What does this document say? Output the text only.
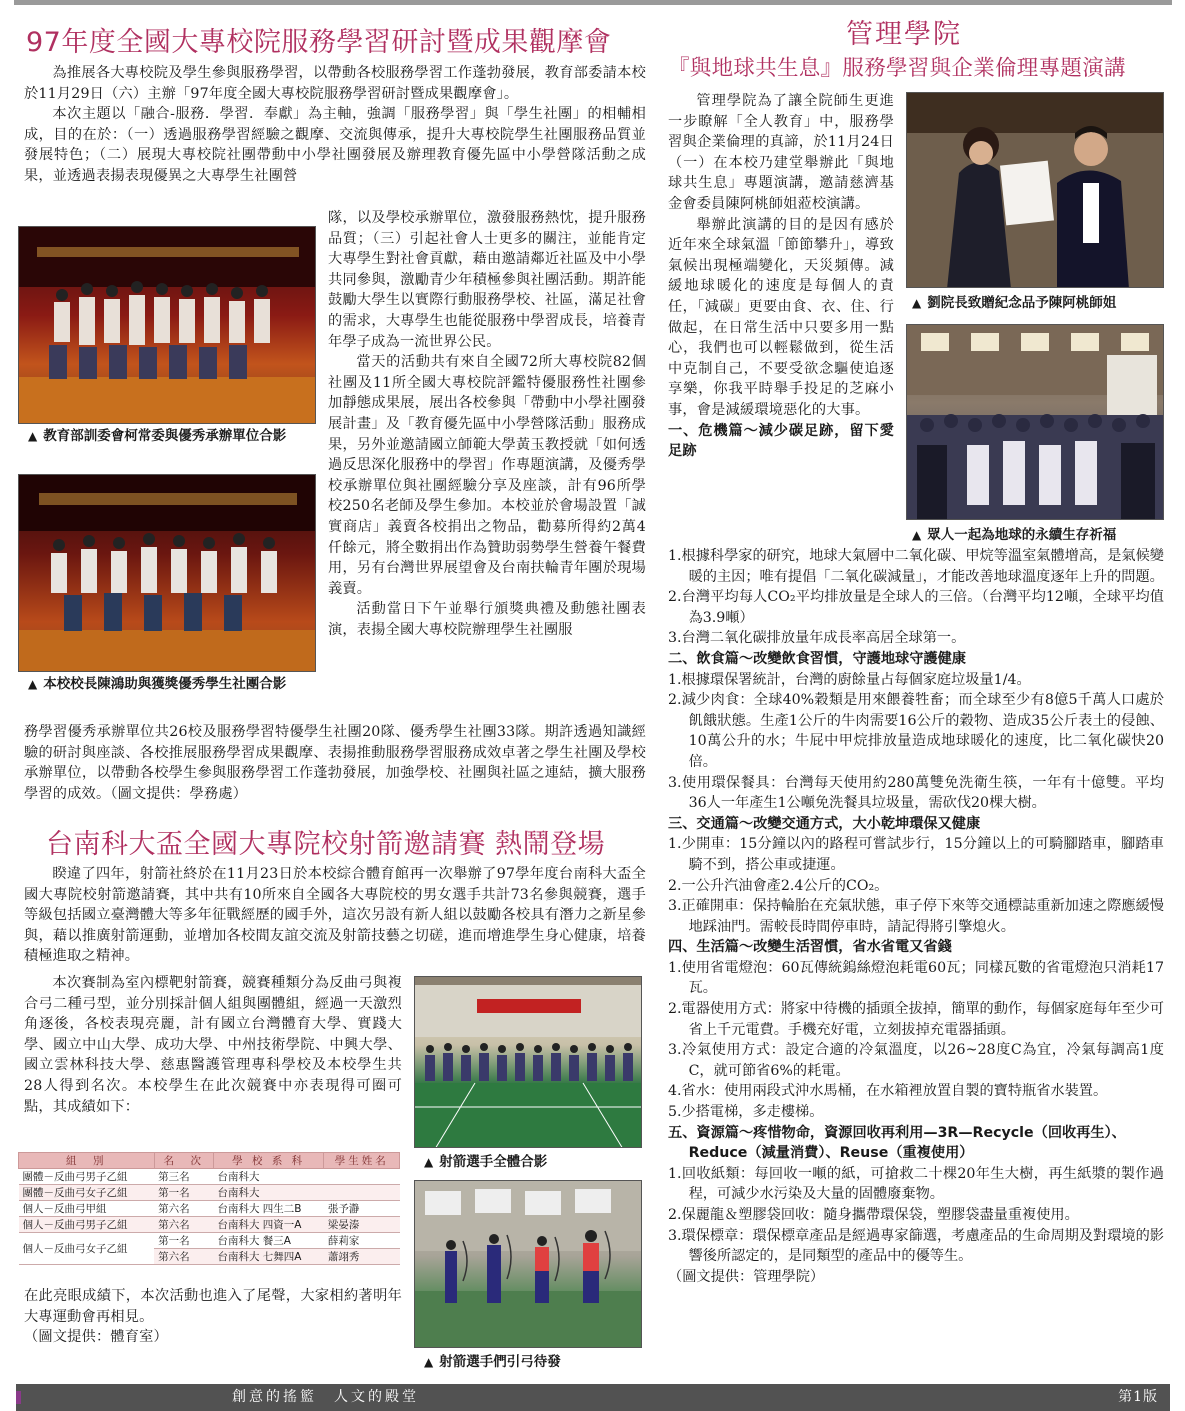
97年度全國大專校院服務學習研討暨成果觀摩會

為推展各大專校院及學生參與服務學習，以帶動各校服務學習工作蓬勃發展，教育部委請本校於11月29日（六）主辦「97年度全國大專校院服務學習研討暨成果觀摩會」。

本次主題以「融合-服務．學習．奉獻」為主軸，強調「服務學習」與「學生社團」的相輔相成，目的在於：（一）透過服務學習經驗之觀摩、交流與傳承，提升大專校院學生社團服務品質並發展特色；（二）展現大專校院社團帶動中小學社團發展及辦理教育優先區中小學營隊活動之成果，並透過表揚表現優異之大專學生社團營

▲ 教育部訓委會柯常委與優秀承辦單位合影
▲ 本校校長陳鴻助與獲獎優秀學生社團合影

隊，以及學校承辦單位，激發服務熱忱，提升服務品質；（三）引起社會人士更多的關注，並能肯定大專學生對社會貢獻，藉由邀請鄰近社區及中小學共同參與，激勵青少年積極參與社團活動。期許能鼓勵大學生以實際行動服務學校、社區，滿足社會的需求，大專學生也能從服務中學習成長，培養青年學子成為一流世界公民。

當天的活動共有來自全國72所大專校院82個社團及11所全國大專校院評鑑特優服務性社團參加靜態成果展，展出各校參與「帶動中小學社團發展計畫」及「教育優先區中小學營隊活動」服務成果，另外並邀請國立師範大學黃玉教授就「如何透過反思深化服務中的學習」作專題演講，及優秀學校承辦單位與社團經驗分享及座談，計有96所學校250名老師及學生參加。本校並於會場設置「誠實商店」義賣各校捐出之物品，勸募所得約2萬4仟餘元，將全數捐出作為贊助弱勢學生營養午餐費用，另有台灣世界展望會及台南扶輪青年團於現場義賣。

活動當日下午並舉行頒獎典禮及動態社團表演，表揚全國大專校院辦理學生社團服

務學習優秀承辦單位共26校及服務學習特優學生社團20隊、優秀學生社團33隊。期許透過知識經驗的研討與座談、各校推展服務學習成果觀摩、表揚推動服務學習服務成效卓著之學生社團及學校承辦單位，以帶動各校學生參與服務學習工作蓬勃發展，加強學校、社團與社區之連結，擴大服務學習的成效。（圖文提供：學務處）

台南科大盃全國大專院校射箭邀請賽 熱鬧登場

睽違了四年，射箭社終於在11月23日於本校綜合體育館再一次舉辦了97學年度台南科大盃全國大專院校射箭邀請賽，其中共有10所來自全國各大專院校的男女選手共計73名參與競賽，選手等級包括國立臺灣體大等多年征戰經歷的國手外，這次另設有新人組以鼓勵各校具有潛力之新星參與，藉以推廣射箭運動，並增加各校間友誼交流及射箭技藝之切磋，進而增進學生身心健康，培養積極進取之精神。

本次賽制為室內標靶射箭賽，競賽種類分為反曲弓與複合弓二種弓型，並分別採計個人組與團體組，經過一天激烈角逐後，各校表現亮麗，計有國立台灣體育大學、實踐大學、國立中山大學、成功大學、中州技術學院、中興大學、國立雲林科技大學、慈惠醫護管理專科學校及本校學生共28人得到名次。本校學生在此次競賽中亦表現得可圈可點，其成績如下：

組　別	名　次	學 校 系 科	學生姓名
團體－反曲弓男子乙組	第三名	台南科大	
團體－反曲弓女子乙組	第一名	台南科大	
個人－反曲弓甲組	第六名	台南科大 四生二B	張予瀞
個人－反曲弓男子乙組	第六名	台南科大 四資一A	梁晏溱
個人－反曲弓女子乙組	第一名	台南科大 餐三A	薛莉家
	第六名	台南科大 七舞四A	蕭翊秀

在此亮眼成績下，本次活動也進入了尾聲，大家相約著明年大專運動會再相見。

（圖文提供：體育室）

▲ 射箭選手全體合影
▲ 射箭選手們引弓待發
管理學院
『與地球共生息』服務學習與企業倫理專題演講

管理學院為了讓全院師生更進一步瞭解「全人教育」中，服務學習與企業倫理的真諦，於11月24日（一）在本校乃建堂舉辦此「與地球共生息」專題演講，邀請慈濟基金會委員陳阿桃師姐蒞校演講。

舉辦此演講的目的是因有感於近年來全球氣溫「節節攀升」，導致氣候出現極端變化，天災頻傳。減緩地球暖化的速度是每個人的責任，「減碳」更要由食、衣、住、行做起，在日常生活中只要多用一點心，我們也可以輕鬆做到，從生活中克制自己，不要受欲念驅使追逐享樂，你我平時舉手投足的芝麻小事，會是減緩環境惡化的大事。

一、危機篇～減少碳足跡，留下愛足跡

▲ 劉院長致贈紀念品予陳阿桃師姐
▲ 眾人一起為地球的永續生存祈福

1.根據科學家的研究，地球大氣層中二氧化碳、甲烷等溫室氣體增高，是氣候變暖的主因；唯有提倡「二氧化碳減量」，才能改善地球溫度逐年上升的問題。

2.台灣平均每人CO₂平均排放量是全球人的三倍。（台灣平均12噸，全球平均值為3.9噸）

3.台灣二氧化碳排放量年成長率高居全球第一。

二、飲食篇～改變飲食習慣，守護地球守護健康

1.根據環保署統計，台灣的廚餘量占每個家庭垃圾量1/4。

2.減少肉食：全球40%穀類是用來餵養牲畜；而全球至少有8億5千萬人口處於飢餓狀態。生產1公斤的牛肉需要16公斤的穀物、造成35公斤表土的侵蝕、10萬公升的水；牛屁中甲烷排放量造成地球暖化的速度，比二氧化碳快20倍。

3.使用環保餐具：台灣每天使用約280萬雙免洗衛生筷，一年有十億雙。平均36人一年產生1公噸免洗餐具垃圾量，需砍伐20棵大樹。

三、交通篇～改變交通方式，大小乾坤環保又健康

1.少開車：15分鐘以內的路程可嘗試步行，15分鐘以上的可騎腳踏車，腳踏車騎不到，搭公車或捷運。

2.一公升汽油會產2.4公斤的CO₂。

3.正確開車：保持輪胎在充氣狀態，車子停下來等交通標誌重新加速之際應緩慢地踩油門。需較長時間停車時，請記得將引擎熄火。

四、生活篇～改變生活習慣，省水省電又省錢

1.使用省電燈泡：60瓦傳統鎢絲燈泡耗電60瓦；同樣瓦數的省電燈泡只消耗17瓦。

2.電器使用方式：將家中待機的插頭全拔掉，簡單的動作，每個家庭每年至少可省上千元電費。手機充好電，立刻拔掉充電器插頭。

3.冷氣使用方式：設定合適的冷氣溫度，以26~28度C為宜，冷氣每調高1度C，就可節省6%的耗電。

4.省水：使用兩段式沖水馬桶，在水箱裡放置自製的寶特瓶省水裝置。

5.少搭電梯，多走樓梯。

五、資源篇～疼惜物命，資源回收再利用—3R—Recycle（回收再生）、Reduce（減量消費）、Reuse（重複使用）

1.回收紙類：每回收一噸的紙，可搶救二十棵20年生大樹，再生紙漿的製作過程，可減少水污染及大量的固體廢棄物。

2.保麗龍＆塑膠袋回收：隨身攜帶環保袋，塑膠袋盡量重複使用。

3.環保標章：環保標章產品是經過專家篩選，考慮產品的生命周期及對環境的影響後所認定的，是同類型的產品中的優等生。

（圖文提供：管理學院）

創意的搖籃　人文的殿堂	第1版
